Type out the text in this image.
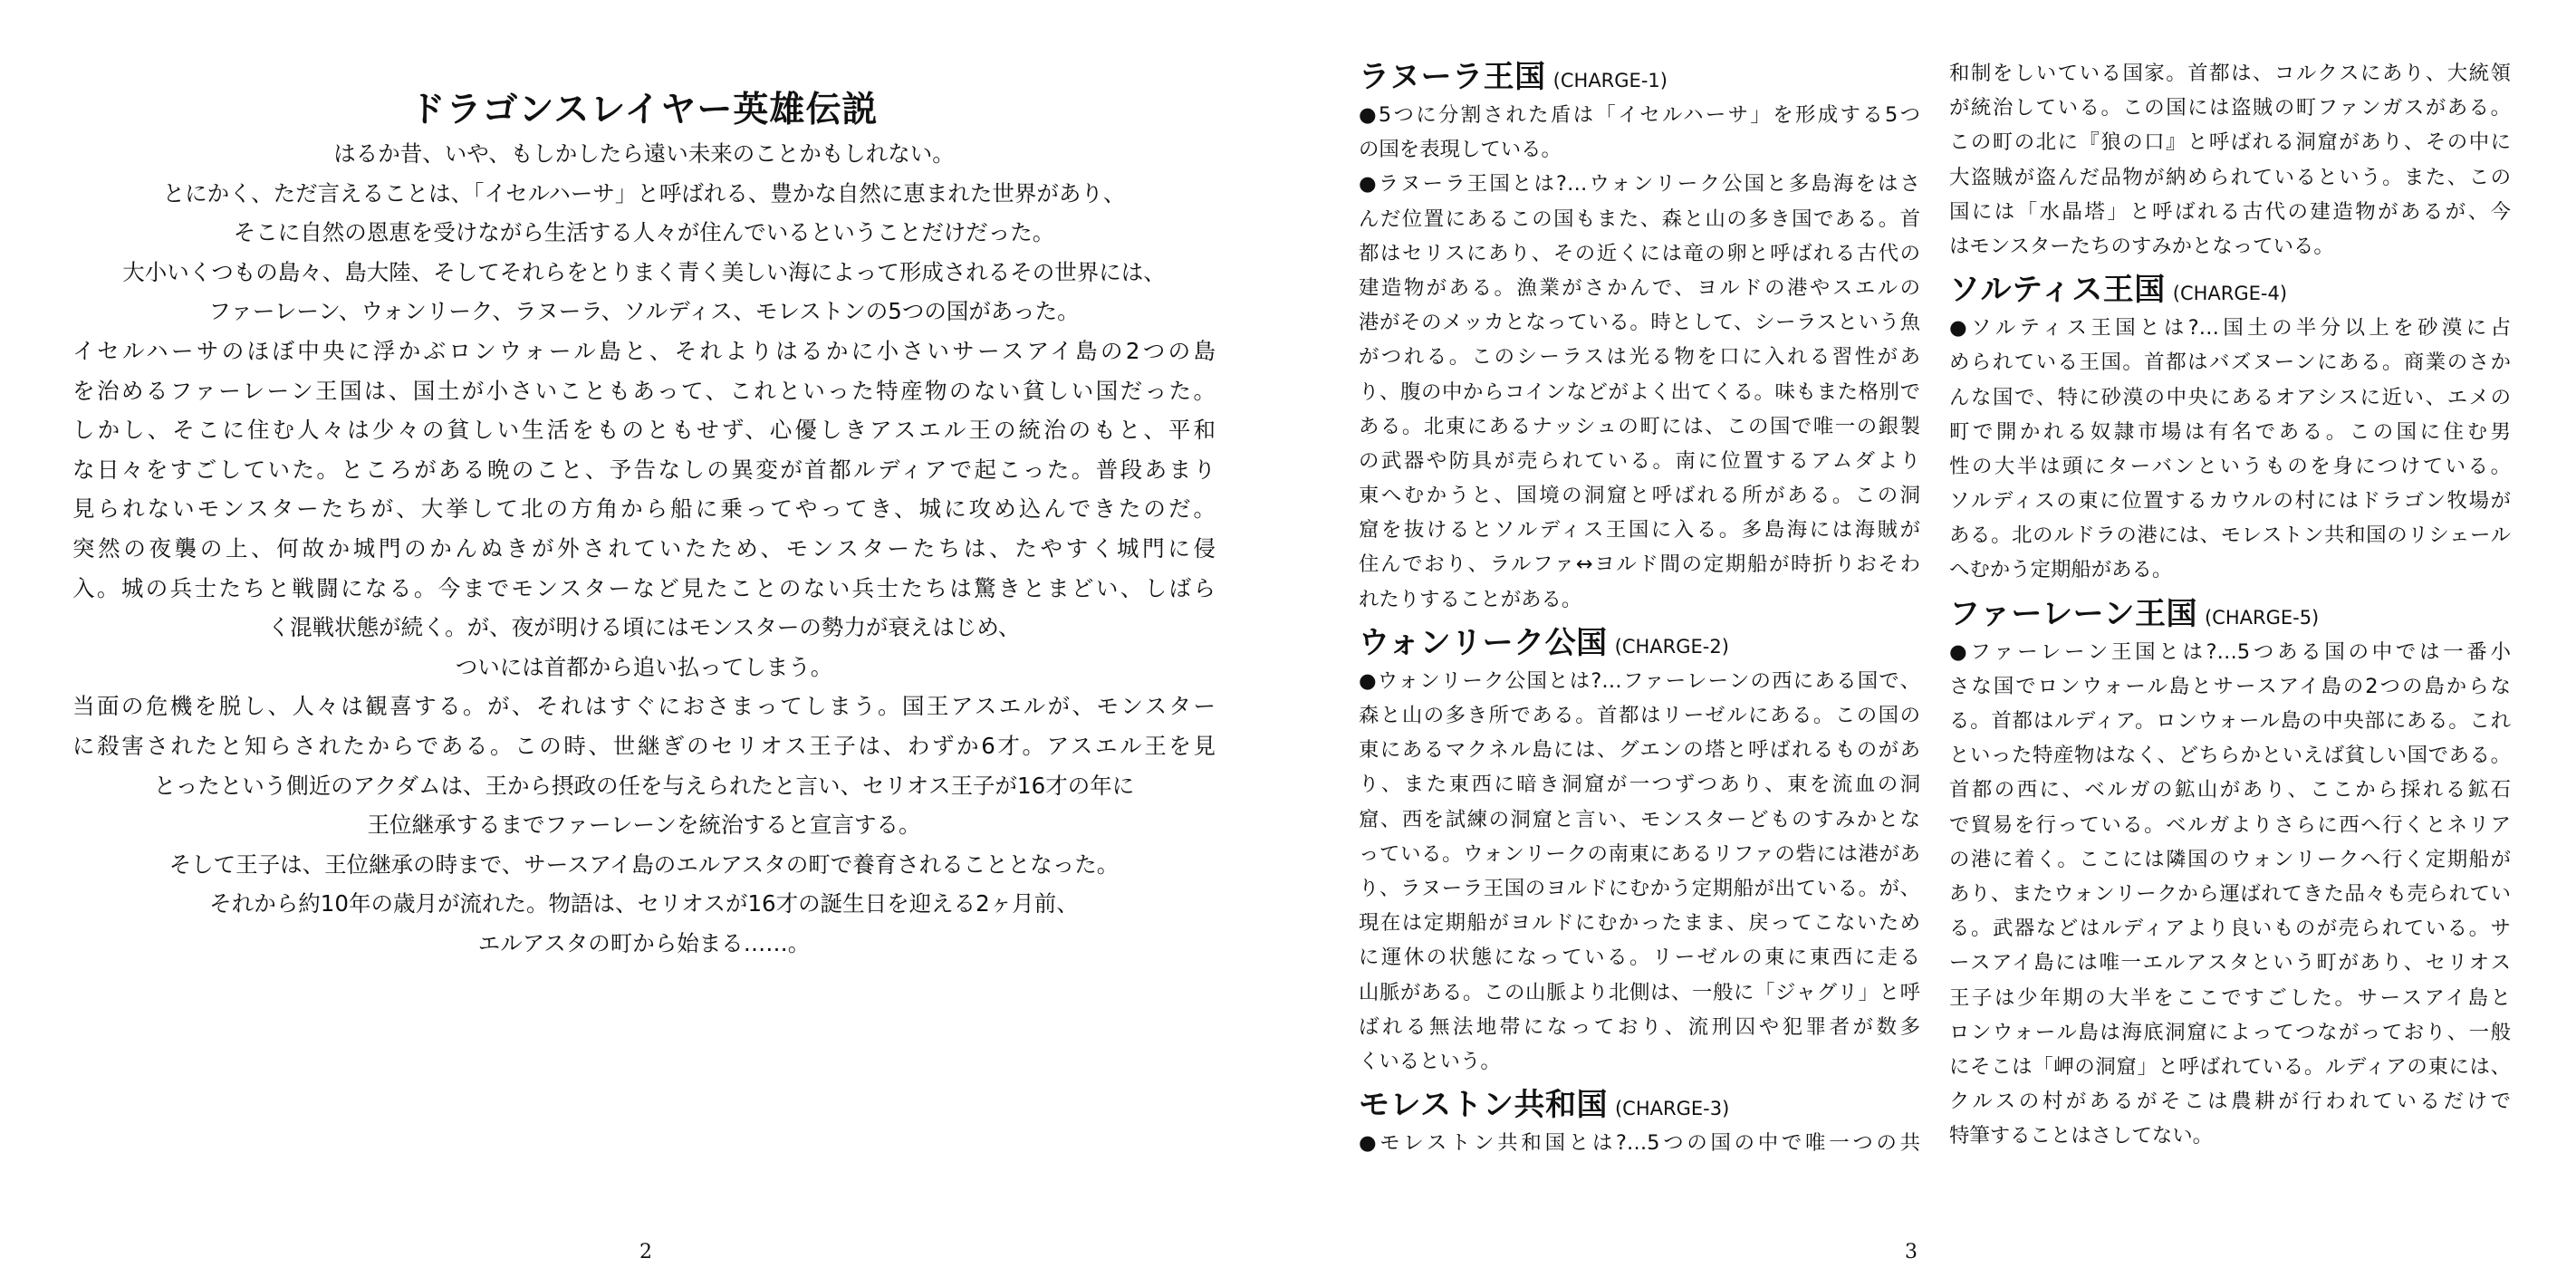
ドラゴンスレイヤー英雄伝説
はるか昔、いや、もしかしたら遠い未来のことかもしれない。
とにかく、ただ言えることは、「イセルハーサ」と呼ばれる、豊かな自然に恵まれた世界があり、
そこに自然の恩恵を受けながら生活する人々が住んでいるということだけだった。
大小いくつもの島々、島大陸、そしてそれらをとりまく青く美しい海によって形成されるその世界には、
ファーレーン、ウォンリーク、ラヌーラ、ソルディス、モレストンの5つの国があった。
イセルハーサのほぼ中央に浮かぶロンウォール島と、それよりはるかに小さいサースアイ島の2つの島
を治めるファーレーン王国は、国土が小さいこともあって、これといった特産物のない貧しい国だった。
しかし、そこに住む人々は少々の貧しい生活をものともせず、心優しきアスエル王の統治のもと、平和
な日々をすごしていた。ところがある晩のこと、予告なしの異変が首都ルディアで起こった。普段あまり
見られないモンスターたちが、大挙して北の方角から船に乗ってやってき、城に攻め込んできたのだ。
突然の夜襲の上、何故か城門のかんぬきが外されていたため、モンスターたちは、たやすく城門に侵
入。城の兵士たちと戦闘になる。今までモンスターなど見たことのない兵士たちは驚きとまどい、しばら
く混戦状態が続く。が、夜が明ける頃にはモンスターの勢力が衰えはじめ、
ついには首都から追い払ってしまう。
当面の危機を脱し、人々は観喜する。が、それはすぐにおさまってしまう。国王アスエルが、モンスター
に殺害されたと知らされたからである。この時、世継ぎのセリオス王子は、わずか6才。アスエル王を見
とったという側近のアクダムは、王から摂政の任を与えられたと言い、セリオス王子が16才の年に
王位継承するまでファーレーンを統治すると宣言する。
そして王子は、王位継承の時まで、サースアイ島のエルアスタの町で養育されることとなった。
それから約10年の歳月が流れた。物語は、セリオスが16才の誕生日を迎える2ヶ月前、
エルアスタの町から始まる……。
2
ラヌーラ王国 (CHARGE-1)
●5つに分割された盾は「イセルハーサ」を形成する5つ
の国を表現している。
●ラヌーラ王国とは?…ウォンリーク公国と多島海をはさ
んだ位置にあるこの国もまた、森と山の多き国である。首
都はセリスにあり、その近くには竜の卵と呼ばれる古代の
建造物がある。漁業がさかんで、ヨルドの港やスエルの
港がそのメッカとなっている。時として、シーラスという魚
がつれる。このシーラスは光る物を口に入れる習性があ
り、腹の中からコインなどがよく出てくる。味もまた格別で
ある。北東にあるナッシュの町には、この国で唯一の銀製
の武器や防具が売られている。南に位置するアムダより
東へむかうと、国境の洞窟と呼ばれる所がある。この洞
窟を抜けるとソルディス王国に入る。多島海には海賊が
住んでおり、ラルファ↔ヨルド間の定期船が時折りおそわ
れたりすることがある。
ウォンリーク公国 (CHARGE-2)
●ウォンリーク公国とは?…ファーレーンの西にある国で、
森と山の多き所である。首都はリーゼルにある。この国の
東にあるマクネル島には、グエンの塔と呼ばれるものがあ
り、また東西に暗き洞窟が一つずつあり、東を流血の洞
窟、西を試練の洞窟と言い、モンスターどものすみかとな
っている。ウォンリークの南東にあるリファの砦には港があ
り、ラヌーラ王国のヨルドにむかう定期船が出ている。が、
現在は定期船がヨルドにむかったまま、戻ってこないため
に運休の状態になっている。リーゼルの東に東西に走る
山脈がある。この山脈より北側は、一般に「ジャグリ」と呼
ばれる無法地帯になっており、流刑囚や犯罪者が数多
くいるという。
モレストン共和国 (CHARGE-3)
●モレストン共和国とは?…5つの国の中で唯一つの共
和制をしいている国家。首都は、コルクスにあり、大統領
が統治している。この国には盗賊の町ファンガスがある。
この町の北に『狼の口』と呼ばれる洞窟があり、その中に
大盗賊が盗んだ品物が納められているという。また、この
国には「水晶塔」と呼ばれる古代の建造物があるが、今
はモンスターたちのすみかとなっている。
ソルティス王国 (CHARGE-4)
●ソルティス王国とは?…国土の半分以上を砂漠に占
められている王国。首都はバズヌーンにある。商業のさか
んな国で、特に砂漠の中央にあるオアシスに近い、エメの
町で開かれる奴隷市場は有名である。この国に住む男
性の大半は頭にターバンというものを身につけている。
ソルディスの東に位置するカウルの村にはドラゴン牧場が
ある。北のルドラの港には、モレストン共和国のリシェール
へむかう定期船がある。
ファーレーン王国 (CHARGE-5)
●ファーレーン王国とは?…5つある国の中では一番小
さな国でロンウォール島とサースアイ島の2つの島からな
る。首都はルディア。ロンウォール島の中央部にある。これ
といった特産物はなく、どちらかといえば貧しい国である。
首都の西に、ベルガの鉱山があり、ここから採れる鉱石
で貿易を行っている。ベルガよりさらに西へ行くとネリア
の港に着く。ここには隣国のウォンリークへ行く定期船が
あり、またウォンリークから運ばれてきた品々も売られてい
る。武器などはルディアより良いものが売られている。サ
ースアイ島には唯一エルアスタという町があり、セリオス
王子は少年期の大半をここですごした。サースアイ島と
ロンウォール島は海底洞窟によってつながっており、一般
にそこは「岬の洞窟」と呼ばれている。ルディアの東には、
クルスの村があるがそこは農耕が行われているだけで
特筆することはさしてない。
3
